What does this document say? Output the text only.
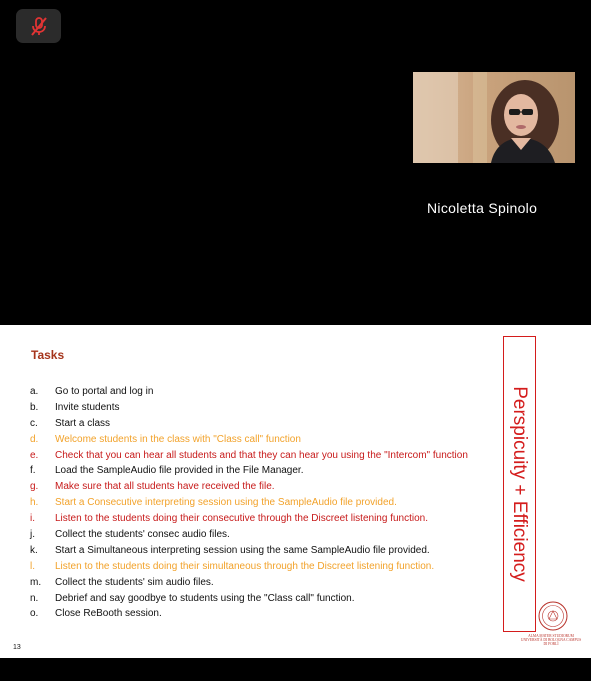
Nicoletta Spinolo
Tasks
a.	Go to portal and log in
b.	Invite students
c.	Start a class
d.	Welcome students in the class with "Class call" function
e.	Check that you can hear all students and that they can hear you using the "Intercom" function
f.	Load the SampleAudio file provided in the File Manager.
g.	Make sure that all students have received the file.
h.	Start a Consecutive interpreting session using the SampleAudio file provided.
i.	Listen to the students doing their consecutive through the Discreet listening function.
j.	Collect the students' consec audio files.
k.	Start a Simultaneous interpreting session using the same SampleAudio file provided.
l.	Listen to the students doing their simultaneous through the Discreet listening function.
m.	Collect the students' sim audio files.
n.	Debrief and say goodbye to students using the "Class call" function.
o.	Close ReBooth session.
Perspicuity + Efficiency
ALMA MATER STUDIORUM UNIVERSITÀ DI BOLOGNA CAMPUS DI FORLÌ
13
